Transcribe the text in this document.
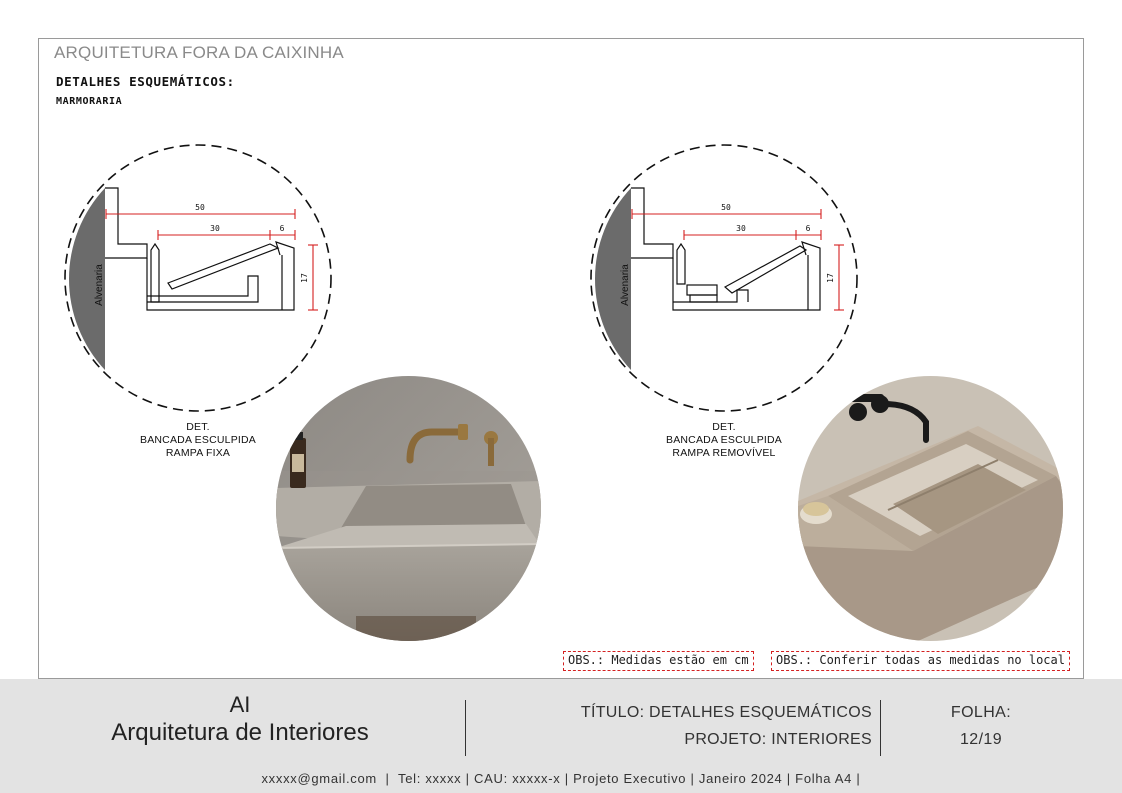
ARQUITETURA FORA DA CAIXINHA
DETALHES ESQUEMÁTICOS:
MARMORARIA
50
30	6
17
Alvenaria
50
30	6
17
Alvenaria
DET.
BANCADA ESCULPIDA
RAMPA FIXA
DET.
BANCADA ESCULPIDA
RAMPA REMOVÍVEL
OBS.: Medidas estão em cm	OBS.: Conferir todas as medidas no local
AI
Arquitetura de Interiores
TÍTULO: DETALHES ESQUEMÁTICOS
PROJETO: INTERIORES
FOLHA:
12/19
xxxxx@gmail.com  |  Tel: xxxxx | CAU: xxxxx-x | Projeto Executivo | Janeiro 2024 | Folha A4 |
